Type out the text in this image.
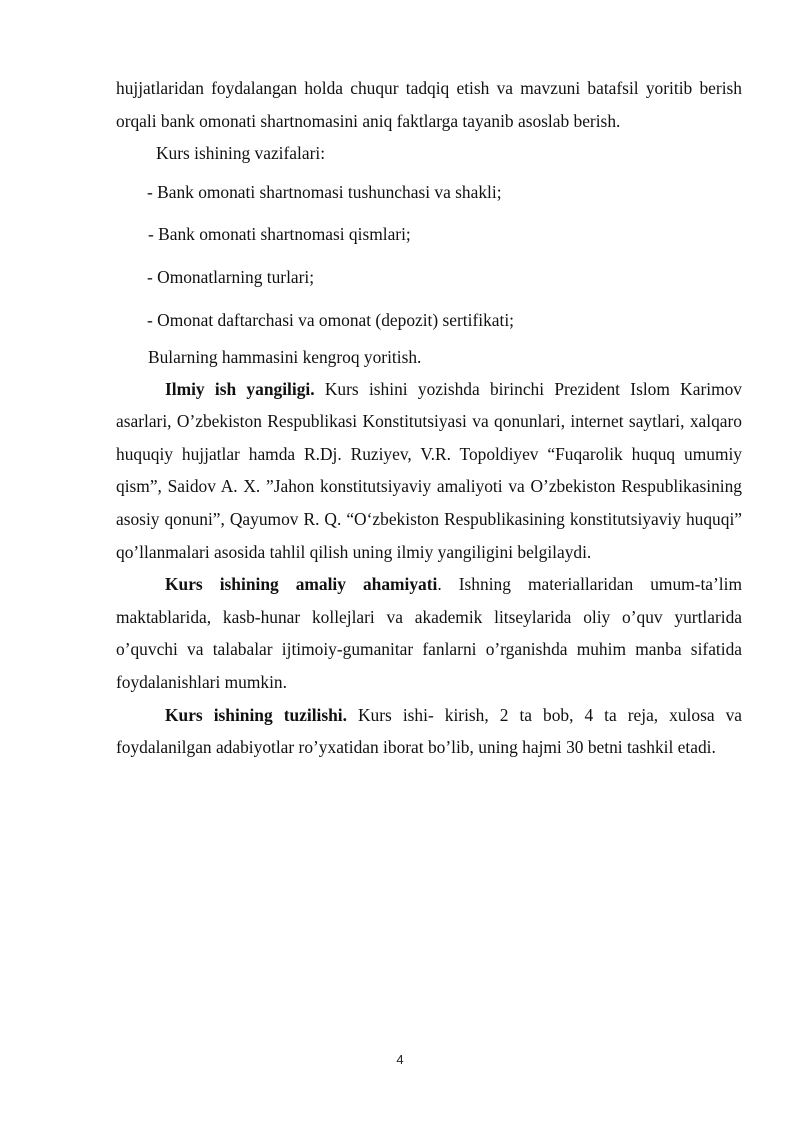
hujjatlaridan foydalangan holda chuqur tadqiq etish va mavzuni batafsil yoritib berish orqali bank omonati shartnomasini aniq faktlarga tayanib asoslab berish.

Kurs ishining vazifalari:

- Bank omonati shartnomasi tushunchasi va shakli;

- Bank omonati shartnomasi qismlari;

- Omonatlarning turlari;

- Omonat daftarchasi va omonat (depozit) sertifikati;

Bularning hammasini kengroq yoritish.

Ilmiy ish yangiligi. Kurs ishini yozishda birinchi Prezident Islom Karimov asarlari, O’zbekiston Respublikasi Konstitutsiyasi va qonunlari, internet saytlari, xalqaro huquqiy hujjatlar hamda R.Dj. Ruziyev, V.R. Topoldiyev “Fuqarolik huquq umumiy qism”, Saidov A. X. ”Jahon konstitutsiyaviy amaliyoti va O’zbekiston Respublikasining asosiy qonuni”, Qayumov R. Q. “O‘zbekiston Respublikasining konstitutsiyaviy huquqi” qo’llanmalari asosida tahlil qilish uning ilmiy yangiligini belgilaydi.

Kurs ishining amaliy ahamiyati. Ishning materiallaridan umum-ta’lim maktablarida, kasb-hunar kollejlari va akademik litseylarida oliy o’quv yurtlarida o’quvchi va talabalar ijtimoiy-gumanitar fanlarni o’rganishda muhim manba sifatida foydalanishlari mumkin.

Kurs ishining tuzilishi. Kurs ishi- kirish, 2 ta bob, 4 ta reja, xulosa va foydalanilgan adabiyotlar ro’yxatidan iborat bo’lib, uning hajmi 30 betni tashkil etadi.

4
